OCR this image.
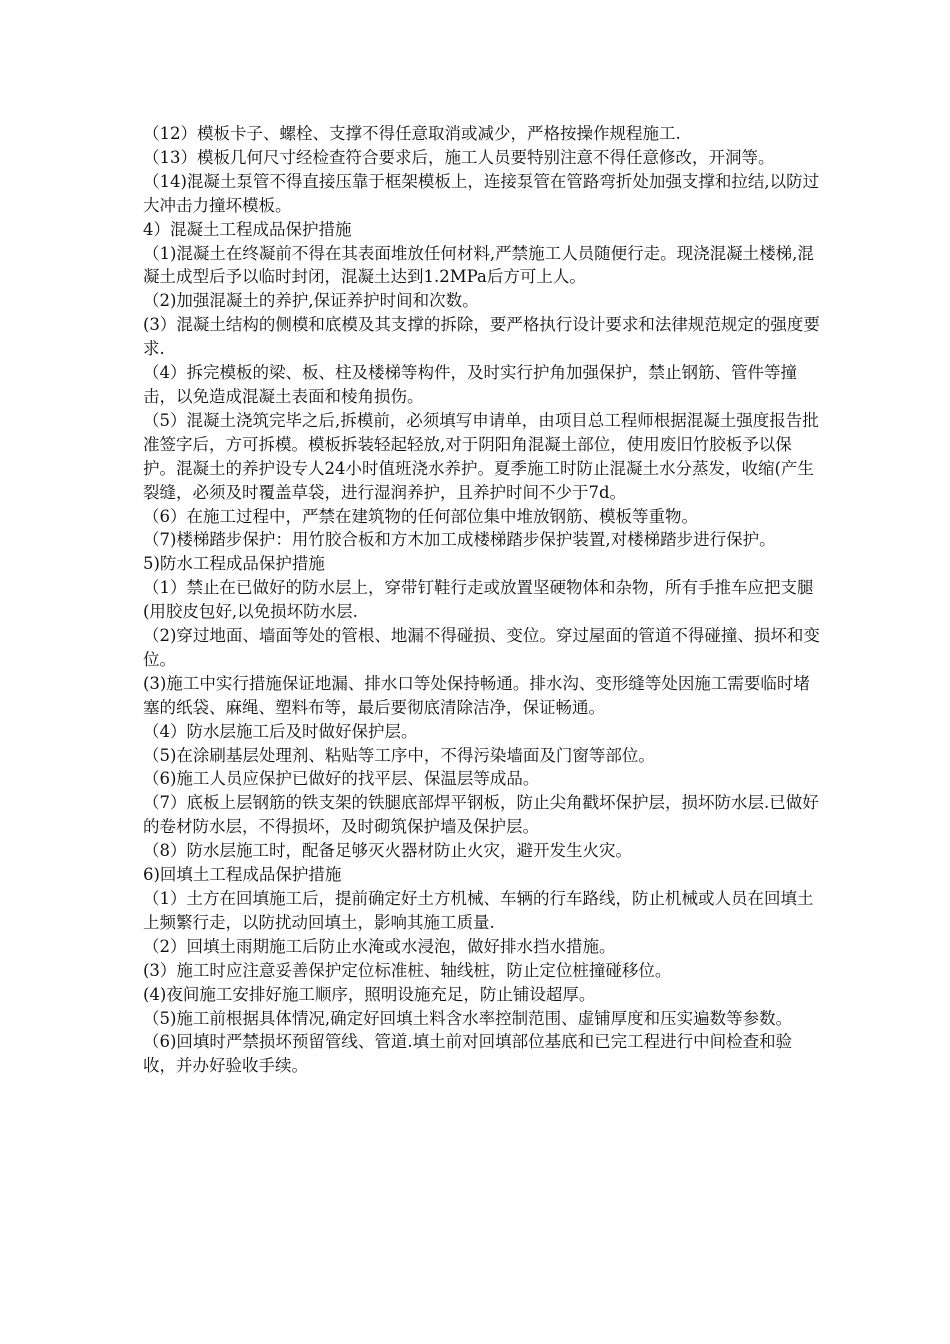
（12）模板卡子、螺栓、支撑不得任意取消或减少，严格按操作规程施工.

（13）模板几何尺寸经检查符合要求后，施工人员要特别注意不得任意修改，开洞等。

（14)混凝土泵管不得直接压靠于框架模板上，连接泵管在管路弯折处加强支撑和拉结,以防过大冲击力撞坏模板。

4）混凝土工程成品保护措施

（1)混凝土在终凝前不得在其表面堆放任何材料,严禁施工人员随便行走。现浇混凝土楼梯,混凝土成型后予以临时封闭，混凝土达到1.2MPa后方可上人。

（2)加强混凝土的养护,保证养护时间和次数。

(3）混凝土结构的侧模和底模及其支撑的拆除，要严格执行设计要求和法律规范规定的强度要求.

（4）拆完模板的梁、板、柱及楼梯等构件，及时实行护角加强保护，禁止钢筋、管件等撞击，以免造成混凝土表面和棱角损伤。

（5）混凝土浇筑完毕之后,拆模前，必须填写申请单，由项目总工程师根据混凝土强度报告批准签字后，方可拆模。模板拆装轻起轻放,对于阴阳角混凝土部位，使用废旧竹胶板予以保护。混凝土的养护设专人24小时值班浇水养护。夏季施工时防止混凝土水分蒸发，收缩(产生裂缝，必须及时覆盖草袋，进行湿润养护，且养护时间不少于7d。

（6）在施工过程中，严禁在建筑物的任何部位集中堆放钢筋、模板等重物。

（7)楼梯踏步保护：用竹胶合板和方木加工成楼梯踏步保护装置,对楼梯踏步进行保护。

5)防水工程成品保护措施

（1）禁止在已做好的防水层上，穿带钉鞋行走或放置坚硬物体和杂物，所有手推车应把支腿(用胶皮包好,以免损坏防水层.

（2)穿过地面、墙面等处的管根、地漏不得碰损、变位。穿过屋面的管道不得碰撞、损坏和变位。

(3)施工中实行措施保证地漏、排水口等处保持畅通。排水沟、变形缝等处因施工需要临时堵塞的纸袋、麻绳、塑料布等，最后要彻底清除洁净，保证畅通。

（4）防水层施工后及时做好保护层。

（5)在涂刷基层处理剂、粘贴等工序中，不得污染墙面及门窗等部位。

（6)施工人员应保护已做好的找平层、保温层等成品。

（7）底板上层钢筋的铁支架的铁腿底部焊平钢板，防止尖角戳坏保护层，损坏防水层.已做好的卷材防水层，不得损坏，及时砌筑保护墙及保护层。

（8）防水层施工时，配备足够灭火器材防止火灾，避开发生火灾。

6)回填土工程成品保护措施

（1）土方在回填施工后，提前确定好土方机械、车辆的行车路线，防止机械或人员在回填土上频繁行走，以防扰动回填土，影响其施工质量.

（2）回填土雨期施工后防止水淹或水浸泡，做好排水挡水措施。

(3）施工时应注意妥善保护定位标准桩、轴线桩，防止定位桩撞碰移位。

(4)夜间施工安排好施工顺序，照明设施充足，防止铺设超厚。

（5)施工前根据具体情况,确定好回填土料含水率控制范围、虚铺厚度和压实遍数等参数。

（6)回填时严禁损坏预留管线、管道.填土前对回填部位基底和已完工程进行中间检查和验收，并办好验收手续。
